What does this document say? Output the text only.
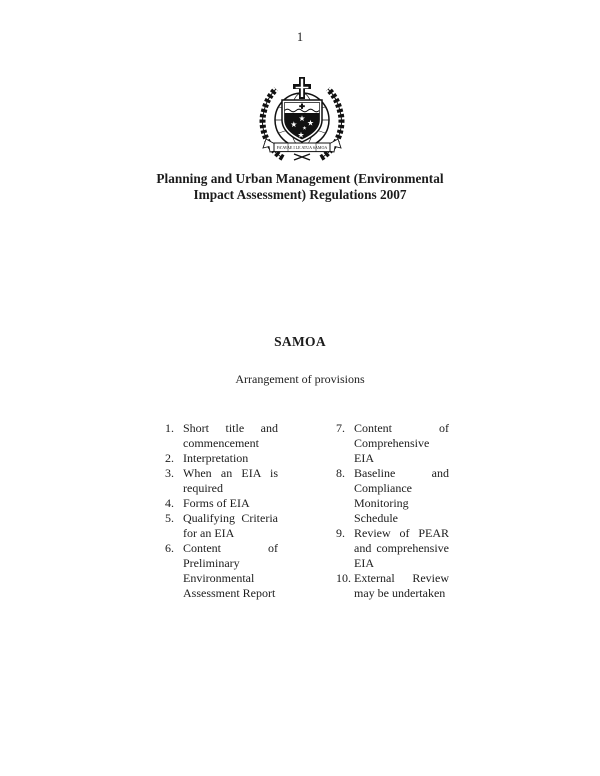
1
FA'AVAE I LE ATUA SAMOA
Planning and Urban Management (Environmental Impact Assessment) Regulations 2007
SAMOA
Arrangement of provisions
1. Short title and commencement
2. Interpretation
3. When an EIA is required
4. Forms of EIA
5. Qualifying Criteria for an EIA
6. Content of Preliminary Environmental Assessment Report
7. Content of Comprehensive EIA
8. Baseline and Compliance Monitoring Schedule
9. Review of PEAR and comprehensive EIA
10. External Review may be undertaken
